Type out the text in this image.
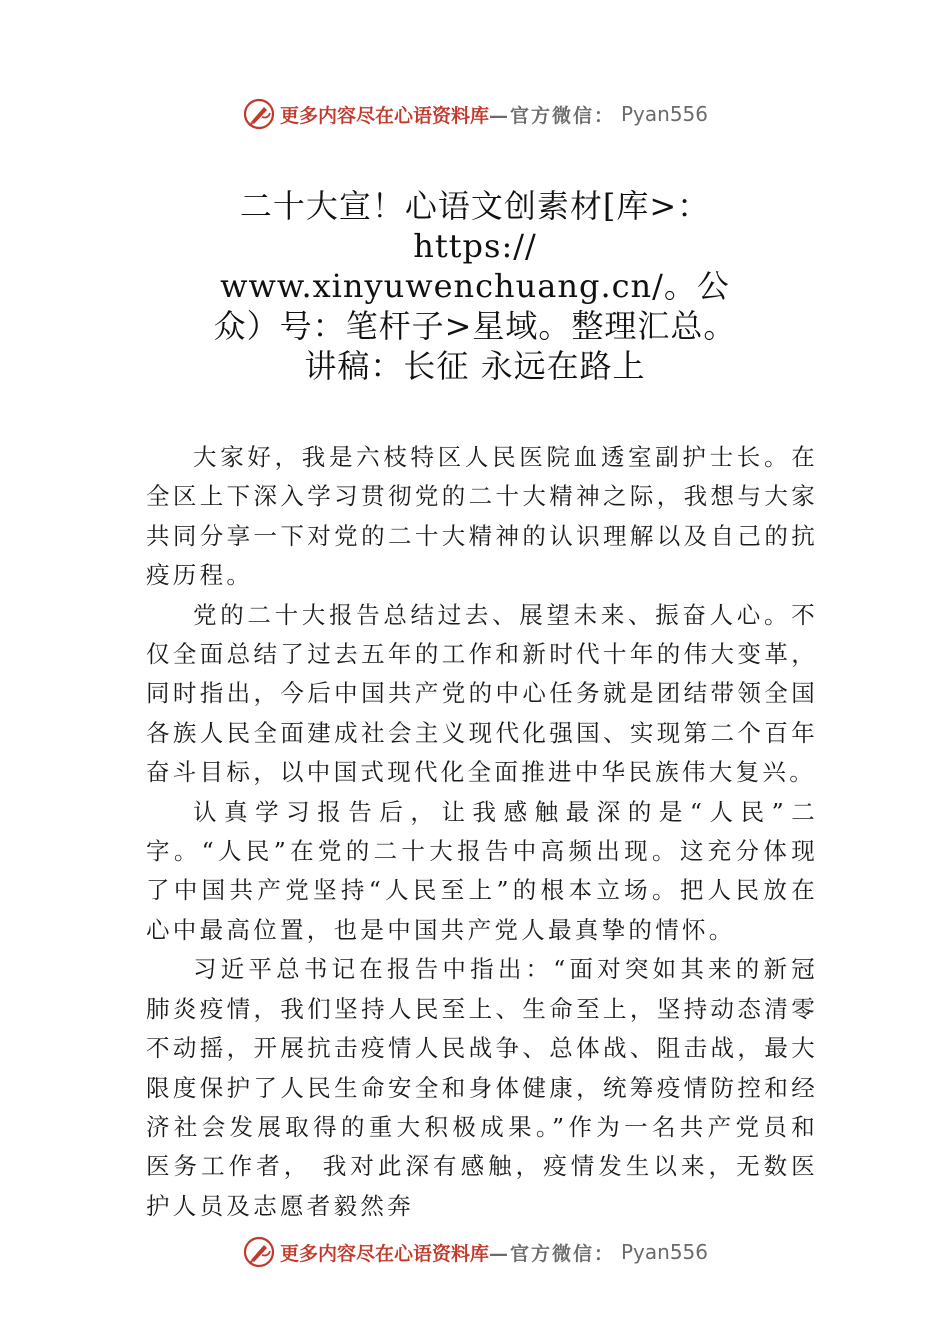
更多内容尽在心语资料库 —官方微信： Pyan556
二十大宣！心语文创素材[库>：
https://
www.xinyuwenchuang.cn/。公
众）号：笔杆子>星域。整理汇总。
讲稿：长征 永远在路上

大家好，我是六枝特区人民医院血透室副护士长。在全区上下深入学习贯彻党的二十大精神之际，我想与大家共同分享一下对党的二十大精神的认识理解以及自己的抗疫历程。

党的二十大报告总结过去、展望未来、振奋人心。不仅全面总结了过去五年的工作和新时代十年的伟大变革，同时指出，今后中国共产党的中心任务就是团结带领全国各族人民全面建成社会主义现代化强国、实现第二个百年奋斗目标，以中国式现代化全面推进中华民族伟大复兴。

认真学习报告后，让我感触最深的是“人民”二字。“人民”在党的二十大报告中高频出现。这充分体现了中国共产党坚持“人民至上”的根本立场。把人民放在心中最高位置，也是中国共产党人最真挚的情怀。

习近平总书记在报告中指出：“面对突如其来的新冠肺炎疫情，我们坚持人民至上、生命至上，坚持动态清零不动摇，开展抗击疫情人民战争、总体战、阻击战，最大限度保护了人民生命安全和身体健康，统筹疫情防控和经济社会发展取得的重大积极成果。”作为一名共产党员和医务工作者， 我对此深有感触，疫情发生以来，无数医护人员及志愿者毅然奔

更多内容尽在心语资料库 —官方微信： Pyan556
